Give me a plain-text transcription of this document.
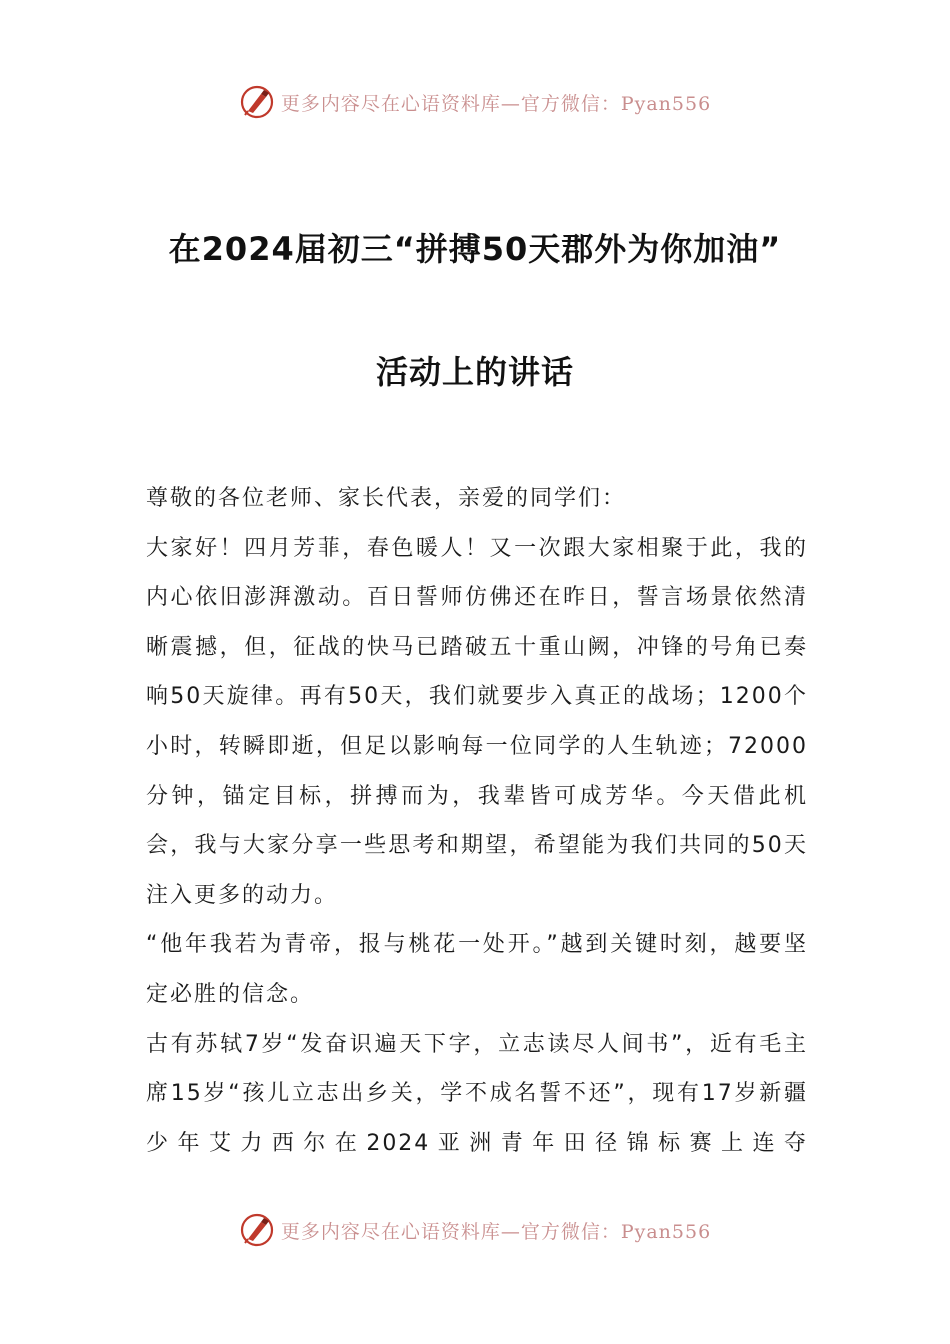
更多内容尽在心语资料库—官方微信：Pyan556
在2024届初三“拼搏50天郡外为你加油”
活动上的讲话

尊敬的各位老师、家长代表，亲爱的同学们：

大家好！四月芳菲，春色暖人！又一次跟大家相聚于此，我的内心依旧澎湃激动。百日誓师仿佛还在昨日，誓言场景依然清晰震撼，但，征战的快马已踏破五十重山阙，冲锋的号角已奏响50天旋律。再有50天，我们就要步入真正的战场；1200个小时，转瞬即逝，但足以影响每一位同学的人生轨迹；72000分钟，锚定目标，拼搏而为，我辈皆可成芳华。今天借此机会，我与大家分享一些思考和期望，希望能为我们共同的50天注入更多的动力。

“他年我若为青帝，报与桃花一处开。”越到关键时刻，越要坚定必胜的信念。

古有苏轼7岁“发奋识遍天下字，立志读尽人间书”，近有毛主席15岁“孩儿立志出乡关，学不成名誓不还”，现有17岁新疆少年艾力西尔在2024亚洲青年田径锦标赛上连夺

更多内容尽在心语资料库—官方微信：Pyan556
